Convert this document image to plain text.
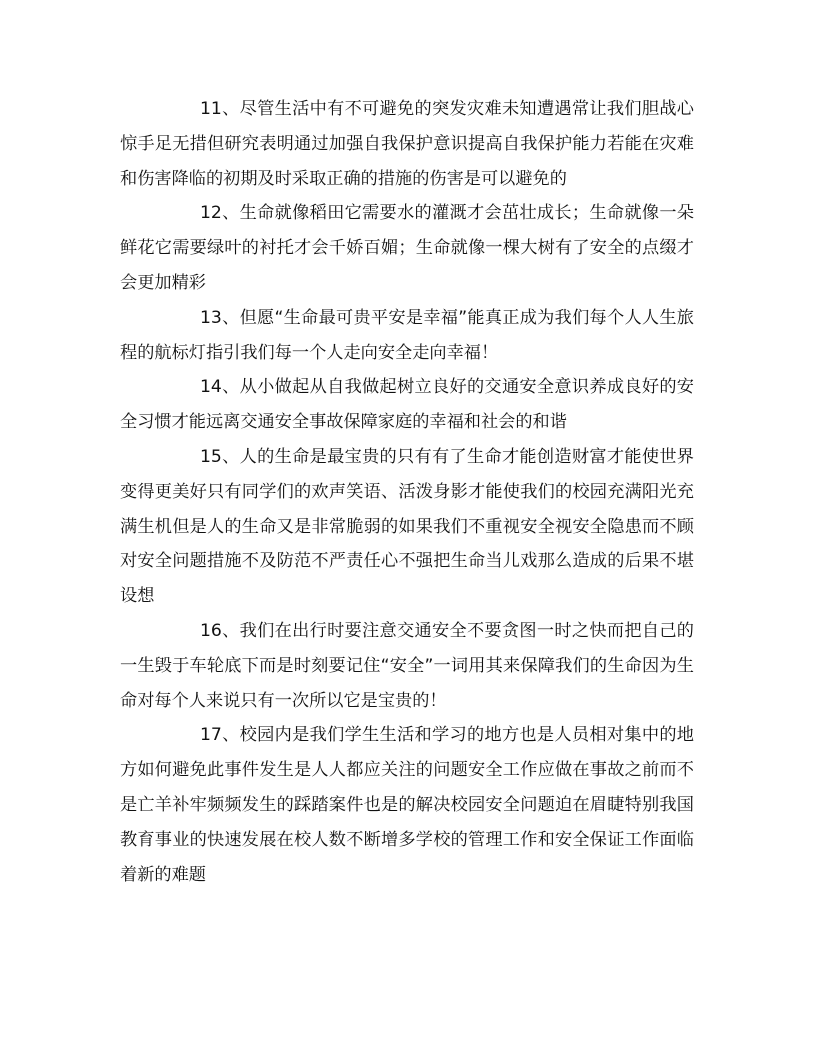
11、尽管生活中有不可避免的突发灾难未知遭遇常让我们胆战心惊手足无措但研究表明通过加强自我保护意识提高自我保护能力若能在灾难和伤害降临的初期及时采取正确的措施的伤害是可以避免的

12、生命就像稻田它需要水的灌溉才会茁壮成长；生命就像一朵鲜花它需要绿叶的衬托才会千娇百媚；生命就像一棵大树有了安全的点缀才会更加精彩

13、但愿“生命最可贵平安是幸福”能真正成为我们每个人人生旅程的航标灯指引我们每一个人走向安全走向幸福！

14、从小做起从自我做起树立良好的交通安全意识养成良好的安全习惯才能远离交通安全事故保障家庭的幸福和社会的和谐

15、人的生命是最宝贵的只有有了生命才能创造财富才能使世界变得更美好只有同学们的欢声笑语、活泼身影才能使我们的校园充满阳光充满生机但是人的生命又是非常脆弱的如果我们不重视安全视安全隐患而不顾对安全问题措施不及防范不严责任心不强把生命当儿戏那么造成的后果不堪设想

16、我们在出行时要注意交通安全不要贪图一时之快而把自己的一生毁于车轮底下而是时刻要记住“安全”一词用其来保障我们的生命因为生命对每个人来说只有一次所以它是宝贵的！

17、校园内是我们学生生活和学习的地方也是人员相对集中的地方如何避免此事件发生是人人都应关注的问题安全工作应做在事故之前而不是亡羊补牢频频发生的踩踏案件也是的解决校园安全问题迫在眉睫特别我国教育事业的快速发展在校人数不断增多学校的管理工作和安全保证工作面临着新的难题
